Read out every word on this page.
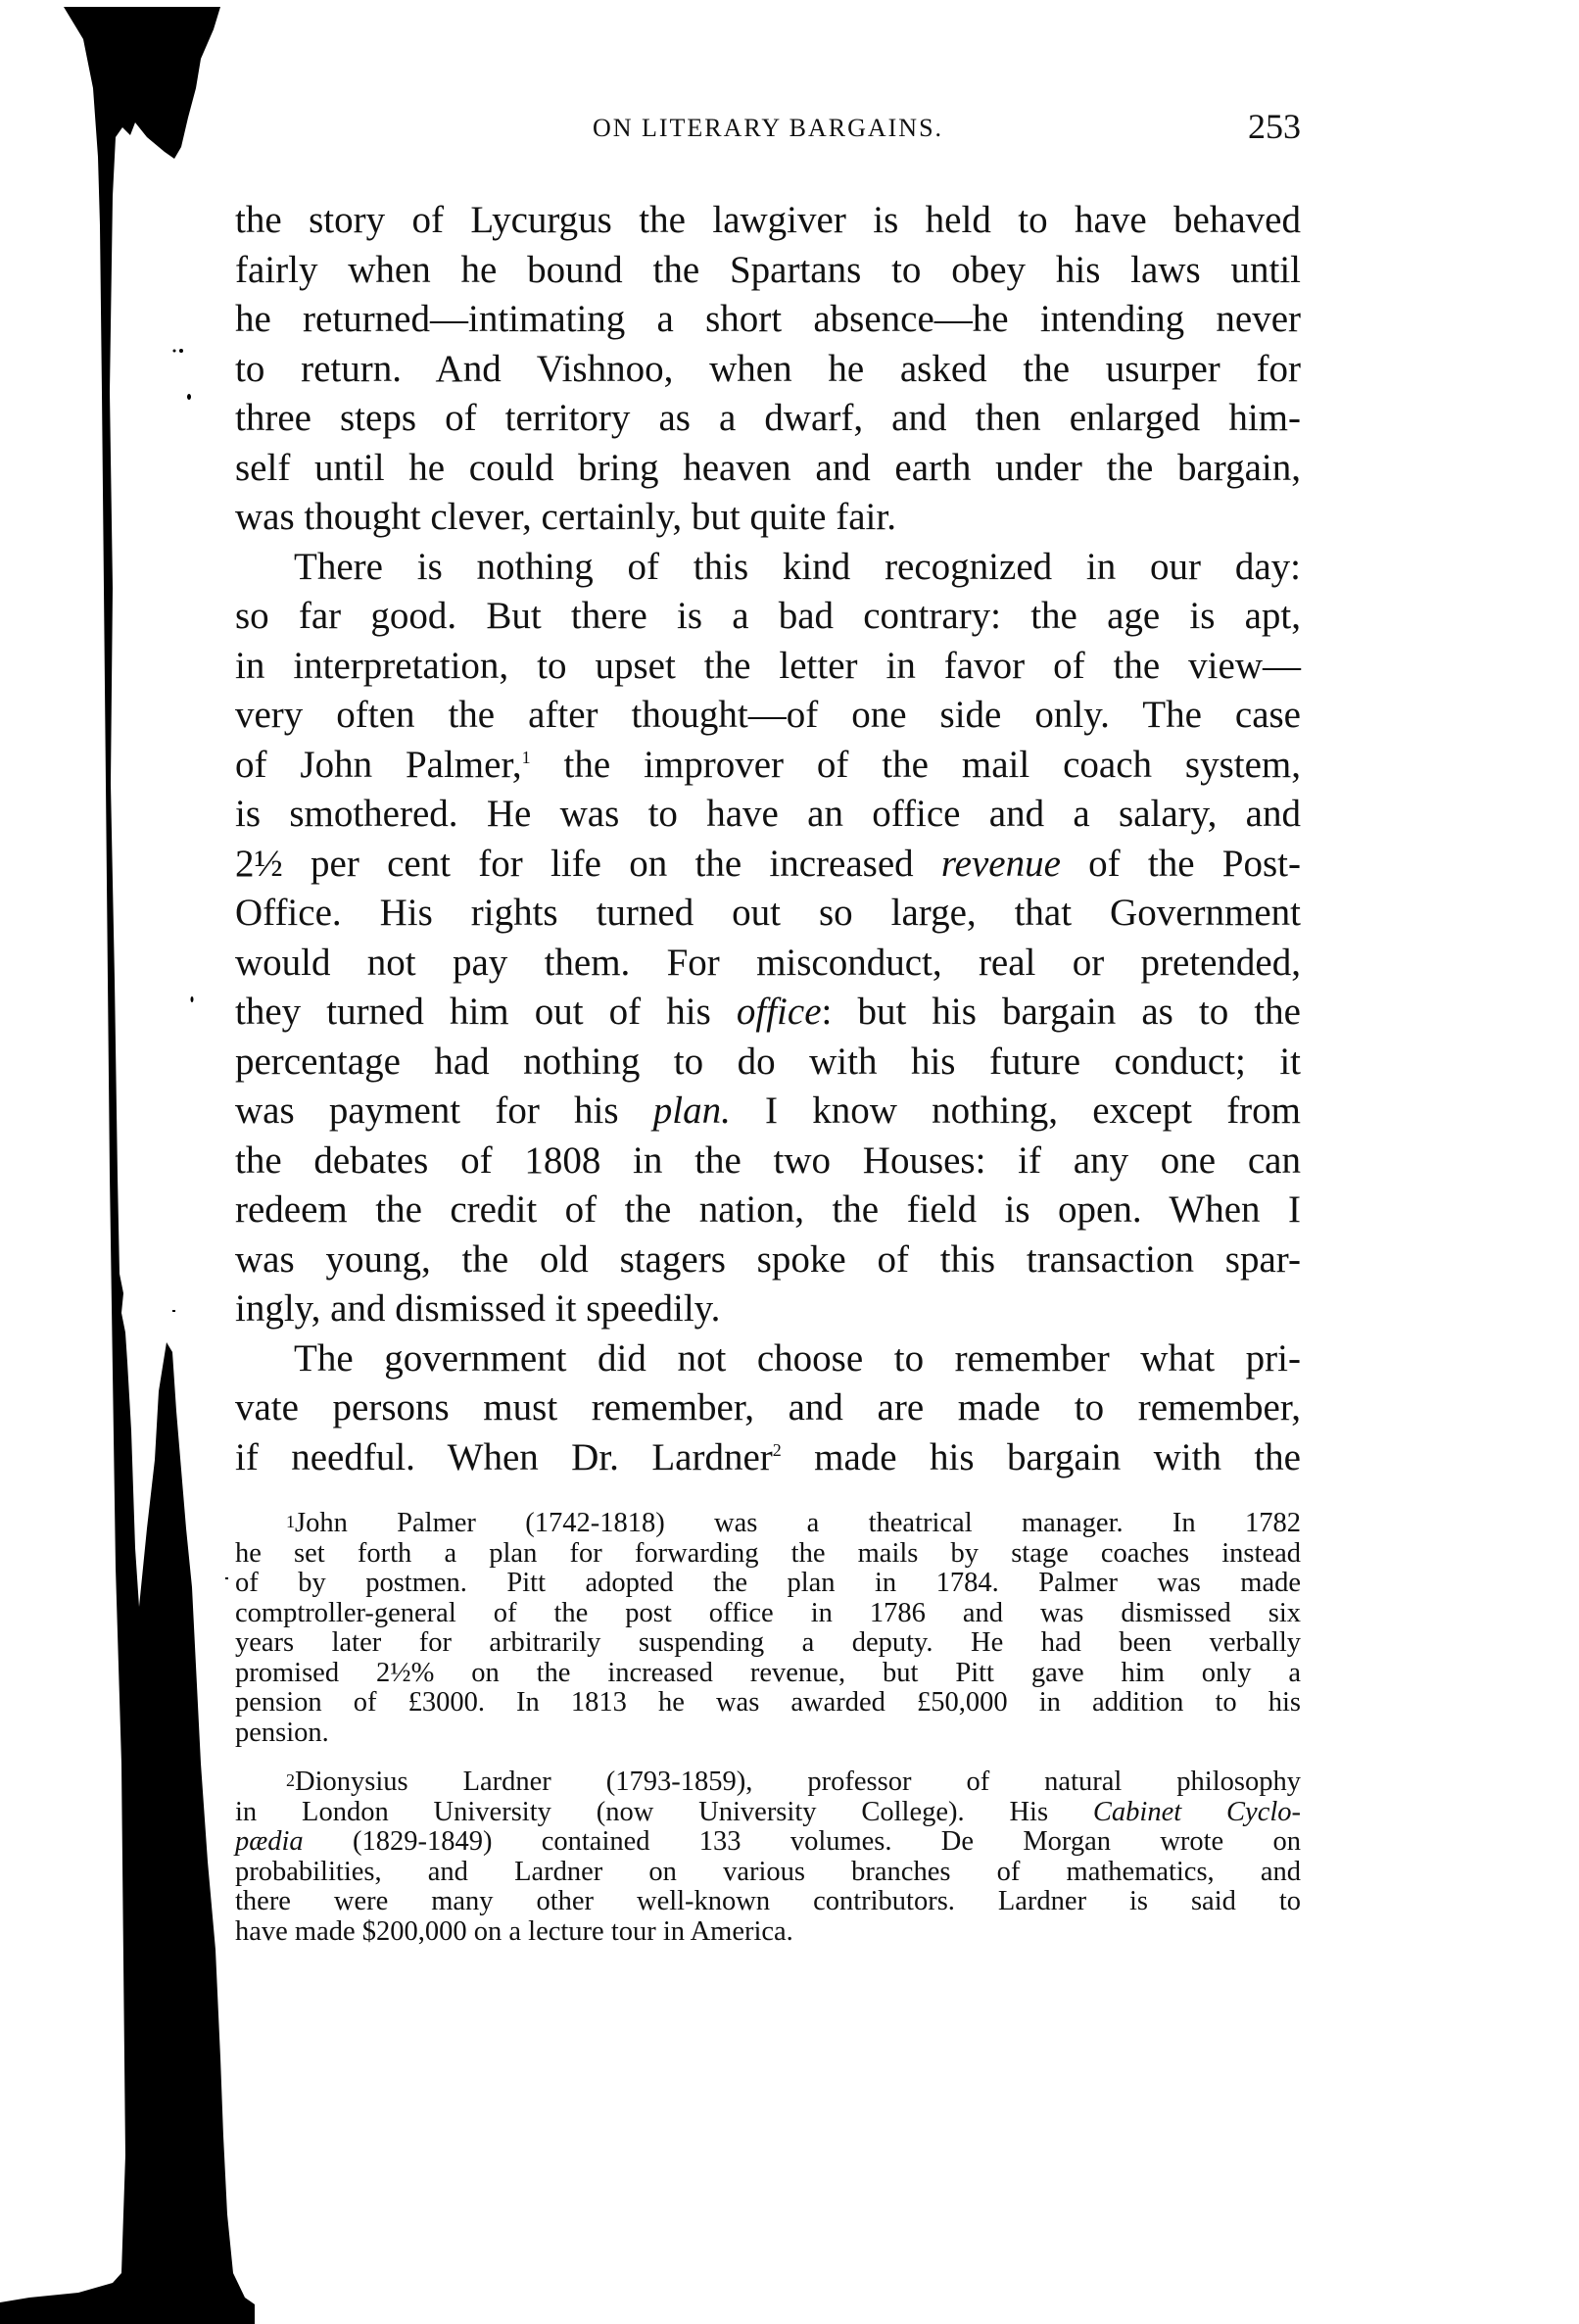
ON LITERARY BARGAINS.	253
the story of Lycurgus the lawgiver is held to have behaved
fairly when he bound the Spartans to obey his laws until
he returned—intimating a short absence—he intending never
to return. And Vishnoo, when he asked the usurper for
three steps of territory as a dwarf, and then enlarged him-
self until he could bring heaven and earth under the bargain,
was thought clever, certainly, but quite fair.
There is nothing of this kind recognized in our day:
so far good. But there is a bad contrary: the age is apt,
in interpretation, to upset the letter in favor of the view—
very often the after thought—of one side only. The case
of John Palmer,$^1$ the improver of the mail coach system,
is smothered. He was to have an office and a salary, and
2½ per cent for life on the increased revenue of the Post-
Office. His rights turned out so large, that Government
would not pay them. For misconduct, real or pretended,
they turned him out of his office: but his bargain as to the
percentage had nothing to do with his future conduct; it
was payment for his plan. I know nothing, except from
the debates of 1808 in the two Houses: if any one can
redeem the credit of the nation, the field is open. When I
was young, the old stagers spoke of this transaction spar-
ingly, and dismissed it speedily.
The government did not choose to remember what pri-
vate persons must remember, and are made to remember,
if needful. When Dr. Lardner$^2$ made his bargain with the
$^1$John Palmer (1742-1818) was a theatrical manager. In 1782
he set forth a plan for forwarding the mails by stage coaches instead
of by postmen. Pitt adopted the plan in 1784. Palmer was made
comptroller-general of the post office in 1786 and was dismissed six
years later for arbitrarily suspending a deputy. He had been verbally
promised 2½% on the increased revenue, but Pitt gave him only a
pension of £3000. In 1813 he was awarded £50,000 in addition to his
pension.
$^2$Dionysius Lardner (1793-1859), professor of natural philosophy
in London University (now University College). His Cabinet Cyclo-
pædia (1829-1849) contained 133 volumes. De Morgan wrote on
probabilities, and Lardner on various branches of mathematics, and
there were many other well-known contributors. Lardner is said to
have made $200,000 on a lecture tour in America.
